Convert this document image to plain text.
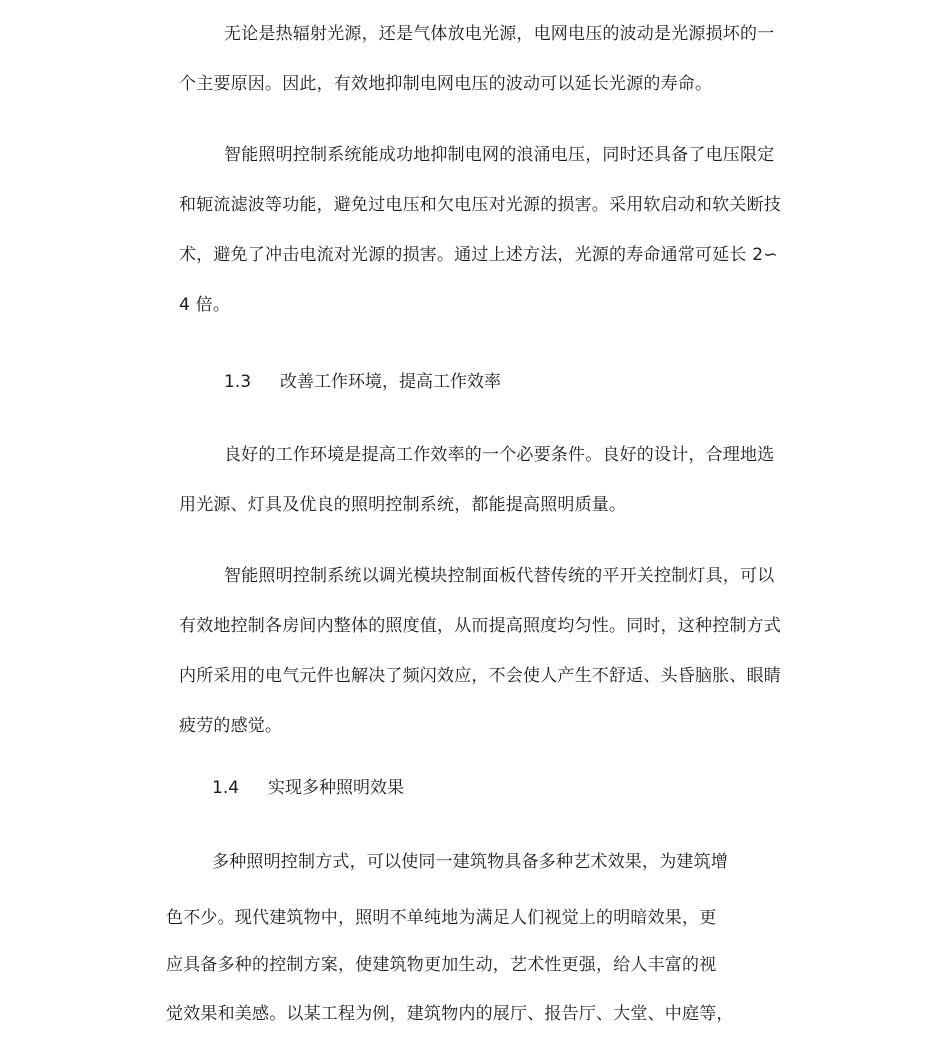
无论是热辐射光源，还是气体放电光源，电网电压的波动是光源损坏的一
个主要原因。因此，有效地抑制电网电压的波动可以延长光源的寿命。
智能照明控制系统能成功地抑制电网的浪涌电压，同时还具备了电压限定
和轭流滤波等功能，避免过电压和欠电压对光源的损害。采用软启动和软关断技
术，避免了冲击电流对光源的损害。通过上述方法，光源的寿命通常可延长 2∽
4 倍。
1.3 改善工作环境，提高工作效率
良好的工作环境是提高工作效率的一个必要条件。良好的设计，合理地选
用光源、灯具及优良的照明控制系统，都能提高照明质量。
智能照明控制系统以调光模块控制面板代替传统的平开关控制灯具，可以
有效地控制各房间内整体的照度值，从而提高照度均匀性。同时，这种控制方式
内所采用的电气元件也解决了频闪效应，不会使人产生不舒适、头昏脑胀、眼睛
疲劳的感觉。
1.4 实现多种照明效果
多种照明控制方式，可以使同一建筑物具备多种艺术效果，为建筑增
色不少。现代建筑物中，照明不单纯地为满足人们视觉上的明暗效果，更
应具备多种的控制方案，使建筑物更加生动，艺术性更强，给人丰富的视
觉效果和美感。以某工程为例，建筑物内的展厅、报告厅、大堂、中庭等，
